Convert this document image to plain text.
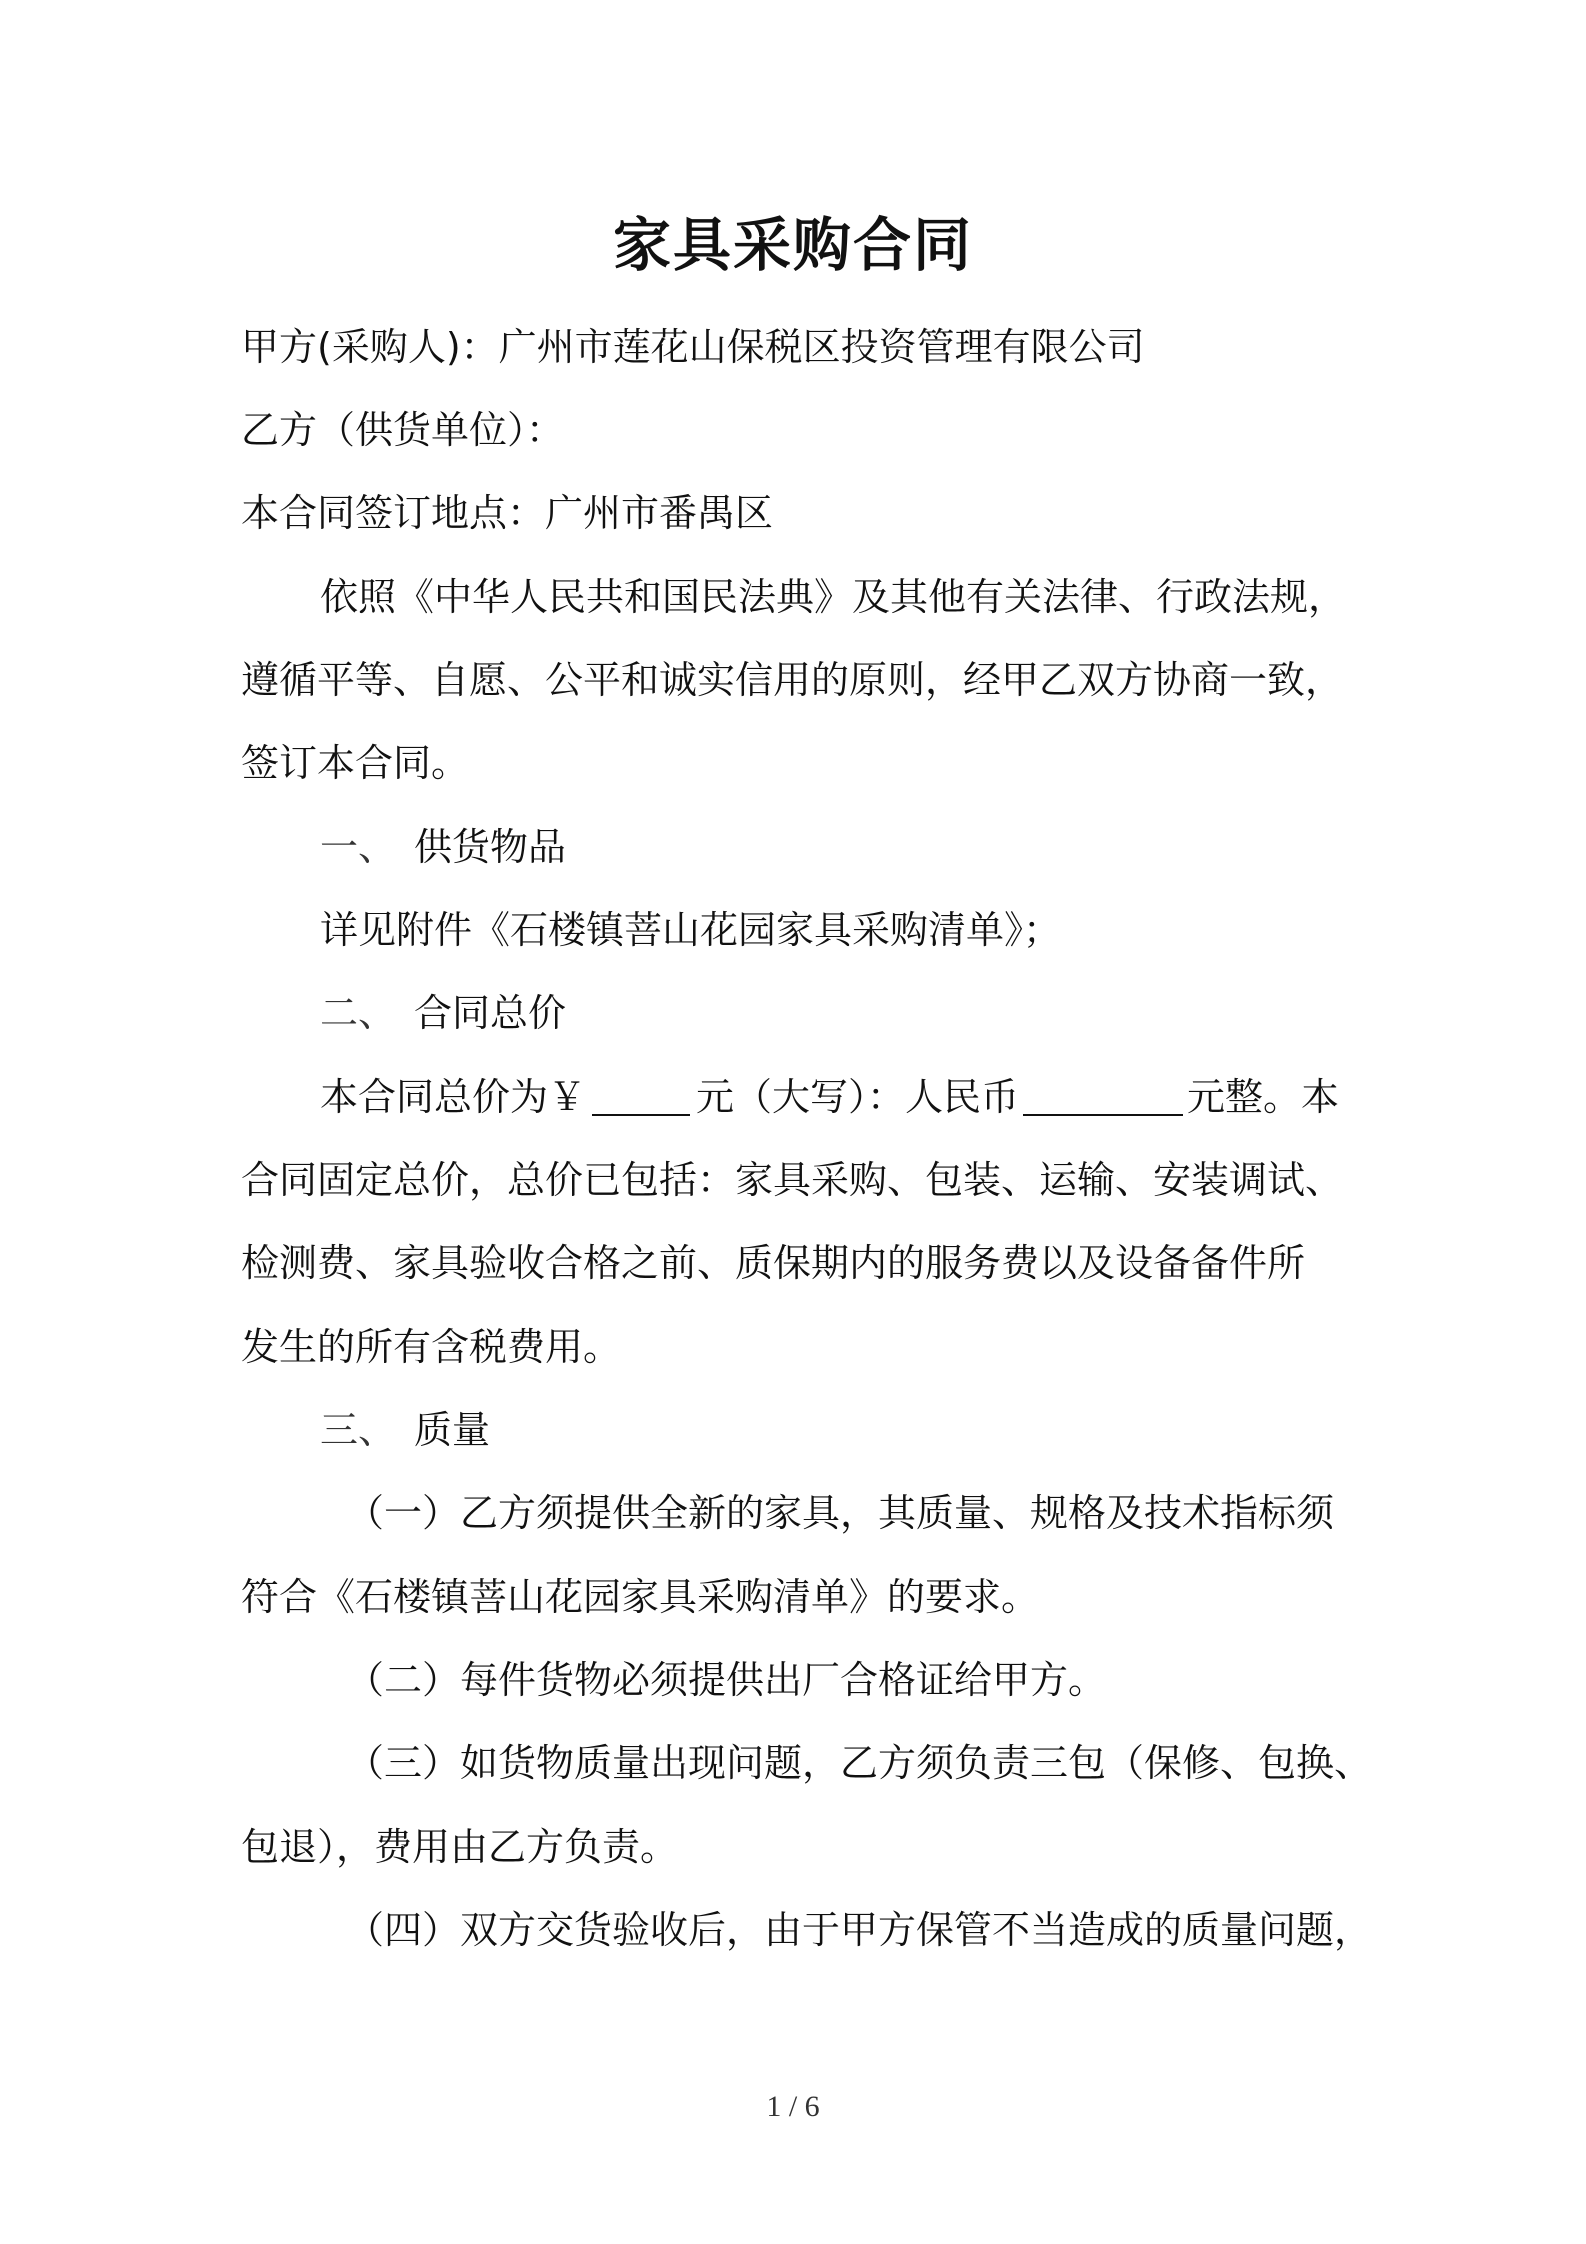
家具采购合同
甲方(采购人)：广州市莲花山保税区投资管理有限公司
乙方（供货单位）：
本合同签订地点：广州市番禺区
依照《中华人民共和国民法典》及其他有关法律、行政法规，
遵循平等、自愿、公平和诚实信用的原则，经甲乙双方协商一致，
签订本合同。
一、 供货物品
详见附件《石楼镇菩山花园家具采购清单》；
二、 合同总价
本合同总价为￥	元（大写）：人民币	元整。本
合同固定总价，总价已包括：家具采购、包装、运输、安装调试、
检测费、家具验收合格之前、质保期内的服务费以及设备备件所
发生的所有含税费用。
三、 质量
（一）乙方须提供全新的家具，其质量、规格及技术指标须
符合《石楼镇菩山花园家具采购清单》的要求。
（二）每件货物必须提供出厂合格证给甲方。
（三）如货物质量出现问题，乙方须负责三包（保修、包换、
包退），费用由乙方负责。
（四）双方交货验收后，由于甲方保管不当造成的质量问题，
1 / 6
